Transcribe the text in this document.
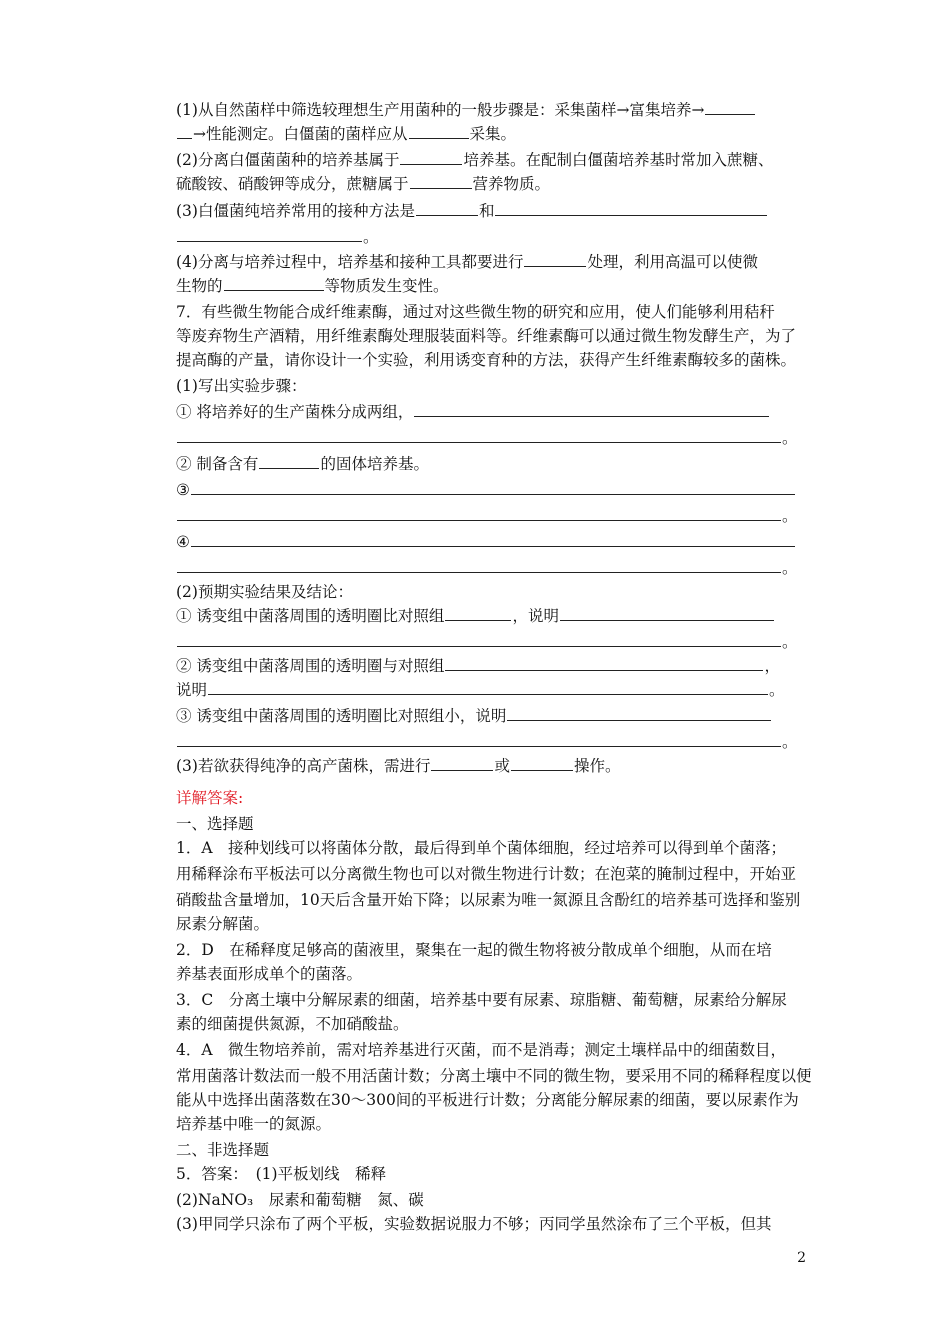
(1)从自然菌样中筛选较理想生产用菌种的一般步骤是：采集菌样→富集培养→
→性能测定。白僵菌的菌样应从	采集。
(2)分离白僵菌菌种的培养基属于	培养基。在配制白僵菌培养基时常加入蔗糖、
硫酸铵、硝酸钾等成分，蔗糖属于	营养物质。
(3)白僵菌纯培养常用的接种方法是	和
。
(4)分离与培养过程中，培养基和接种工具都要进行	处理，利用高温可以使微
生物的	等物质发生变性。
7．有些微生物能合成纤维素酶，通过对这些微生物的研究和应用，使人们能够利用秸秆
等废弃物生产酒精，用纤维素酶处理服装面料等。纤维素酶可以通过微生物发酵生产，为了
提高酶的产量，请你设计一个实验，利用诱变育种的方法，获得产生纤维素酶较多的菌株。
(1)写出实验步骤：
① 将培养好的生产菌株分成两组，
。
② 制备含有	的固体培养基。
③
。
④
。
(2)预期实验结果及结论：
① 诱变组中菌落周围的透明圈比对照组	，说明
。
② 诱变组中菌落周围的透明圈与对照组	，
说明	。
③ 诱变组中菌落周围的透明圈比对照组小，说明
。
(3)若欲获得纯净的高产菌株，需进行	或	操作。
详解答案:
一、选择题
1．A　接种划线可以将菌体分散，最后得到单个菌体细胞，经过培养可以得到单个菌落；
用稀释涂布平板法可以分离微生物也可以对微生物进行计数；在泡菜的腌制过程中，开始亚
硝酸盐含量增加，10天后含量开始下降；以尿素为唯一氮源且含酚红的培养基可选择和鉴别
尿素分解菌。
2．D　在稀释度足够高的菌液里，聚集在一起的微生物将被分散成单个细胞，从而在培
养基表面形成单个的菌落。
3．C　分离土壤中分解尿素的细菌，培养基中要有尿素、琼脂糖、葡萄糖，尿素给分解尿
素的细菌提供氮源，不加硝酸盐。
4．A　微生物培养前，需对培养基进行灭菌，而不是消毒；测定土壤样品中的细菌数目，
常用菌落计数法而一般不用活菌计数；分离土壤中不同的微生物，要采用不同的稀释程度以便
能从中选择出菌落数在30～300间的平板进行计数；分离能分解尿素的细菌，要以尿素作为
培养基中唯一的氮源。
二、非选择题
5．答案：　(1)平板划线　稀释
(2)NaNO₃　尿素和葡萄糖　氮、碳
(3)甲同学只涂布了两个平板，实验数据说服力不够；丙同学虽然涂布了三个平板，但其
2
